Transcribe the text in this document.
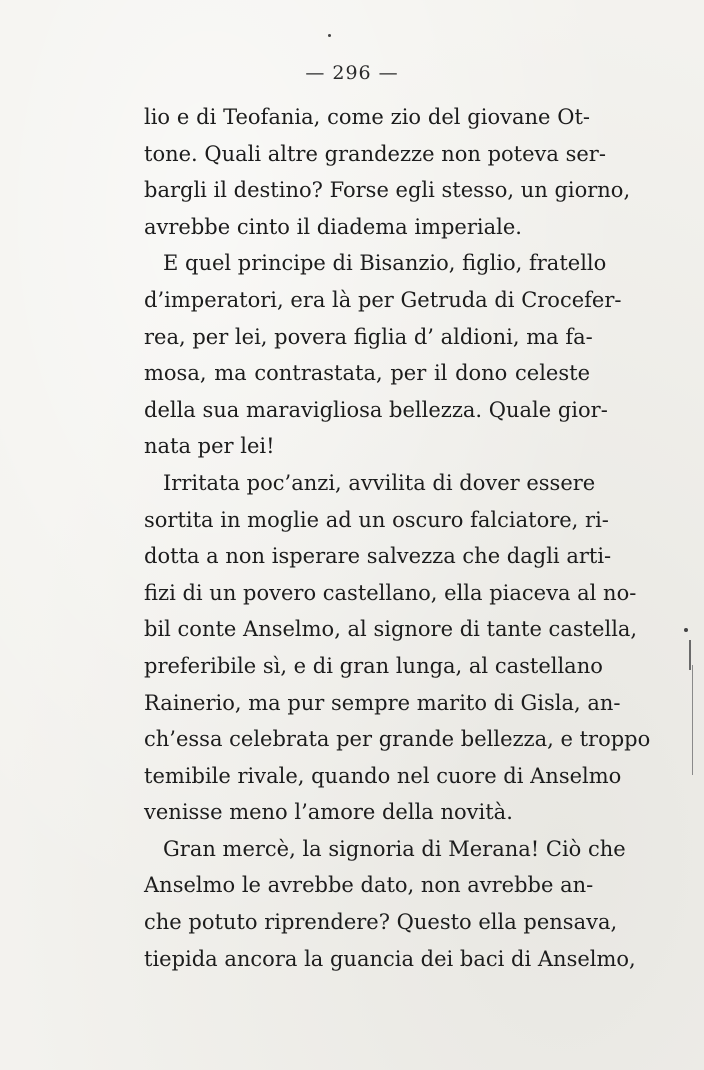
— 296 —
lio e di Teofania, come zio del giovane Ot-
tone. Quali altre grandezze non poteva ser-
bargli il destino? Forse egli stesso, un giorno,
avrebbe cinto il diadema imperiale.
E quel principe di Bisanzio, figlio, fratello
d’imperatori, era là per Getruda di Crocefer-
rea, per lei, povera figlia d’ aldioni, ma fa-
mosa, ma contrastata, per il dono celeste
della sua maravigliosa bellezza. Quale gior-
nata per lei!
Irritata poc’anzi, avvilita di dover essere
sortita in moglie ad un oscuro falciatore, ri-
dotta a non isperare salvezza che dagli arti-
fizi di un povero castellano, ella piaceva al no-
bil conte Anselmo, al signore di tante castella,
preferibile sì, e di gran lunga, al castellano
Rainerio, ma pur sempre marito di Gisla, an-
ch’essa celebrata per grande bellezza, e troppo
temibile rivale, quando nel cuore di Anselmo
venisse meno l’amore della novità.
Gran mercè, la signoria di Merana! Ciò che
Anselmo le avrebbe dato, non avrebbe an-
che potuto riprendere? Questo ella pensava,
tiepida ancora la guancia dei baci di Anselmo,
